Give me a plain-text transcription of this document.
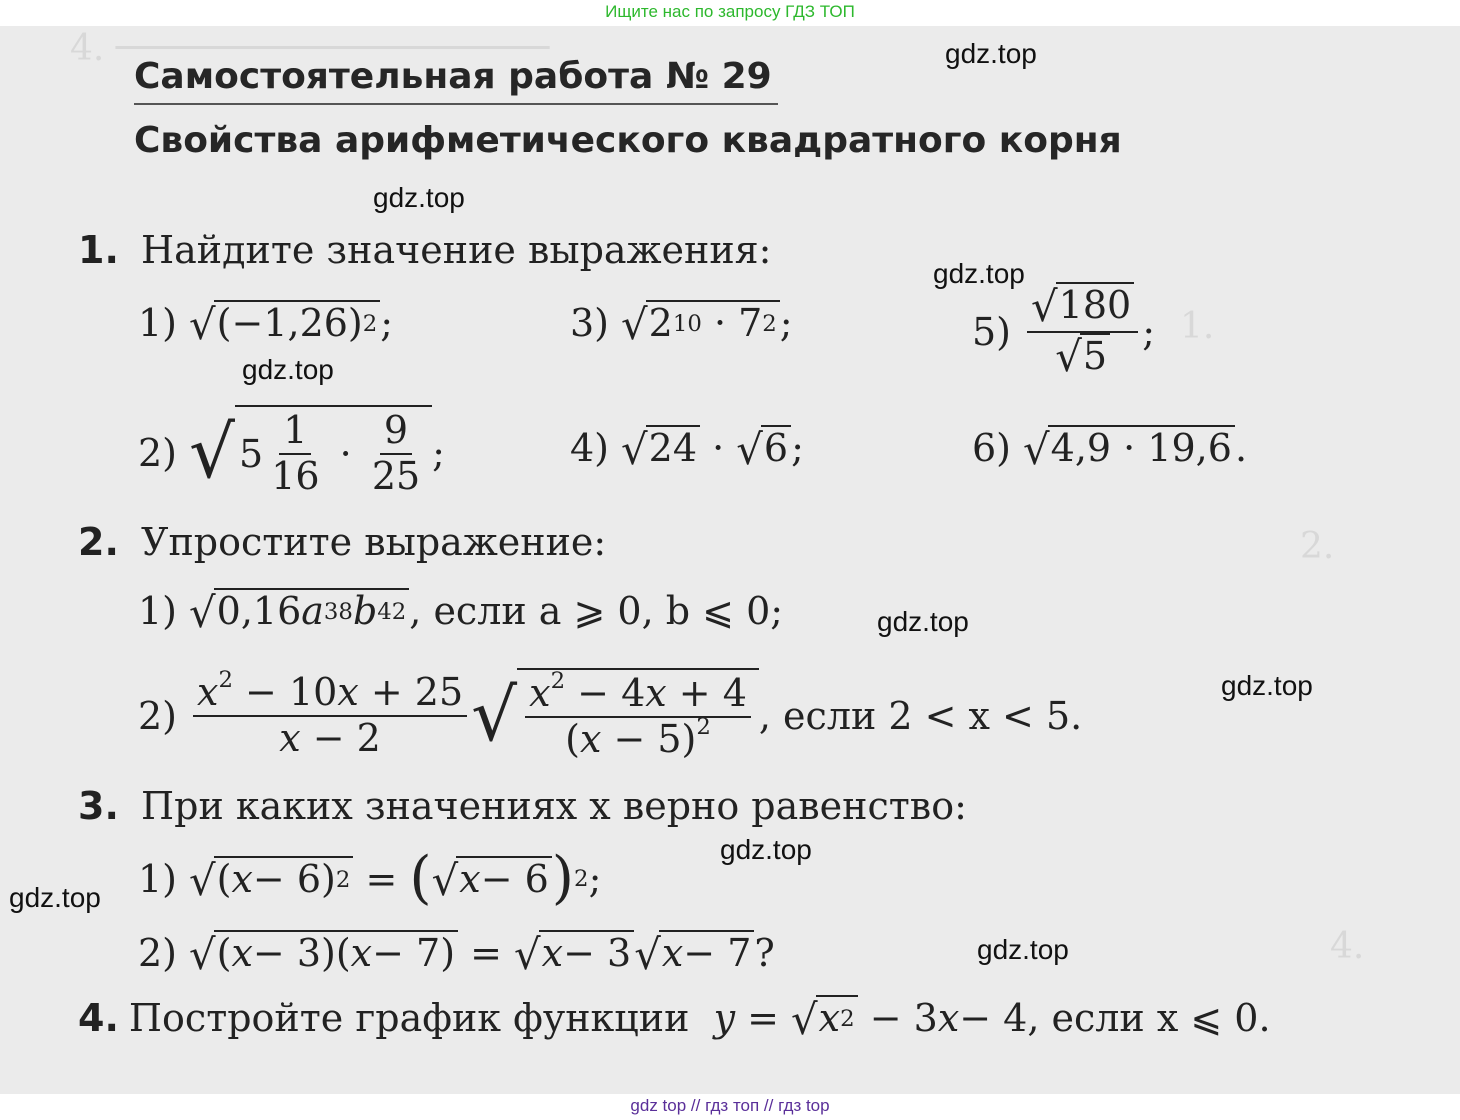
Ищите нас по запросу ГДЗ ТОП
4. ────────────────────
1.
2.
4.
Самостоятельная работа № 29
Свойства арифметического квадратного корня
1. Найдите значение выражения:
1) √ (−1,26) 2 ;	3) √ 2 10 · 7 2 ;	$5) \frac{√ 180}{√ 5}$ ;
2) √ $5 \frac{1}{16} \cdot \frac{9}{25}$ ;	4) √ 24 · √ 6 ;	6) √ 4,9 · 19,6 .
2. Упростите выражение:
1) √ 0,16 a 38 b 42 , если a ⩾ 0, b ⩽ 0;
$2) \frac{x^2 - 10x + 25}{x - 2}$ √ $\frac{x^2 - 4x + 4}{(x - 5)^2}$ , если 2 < x < 5.
3. При каких значениях x верно равенство:
1) √ ( x − 6) 2 = ( √ x − 6 ) 2 ;
2) √ ( x − 3)( x − 7) = √ x − 3 √ x − 7 ?
4. Постройте график функции
y = √ x 2 − 3 x − 4 , если x ⩽ 0.
gdz.top
gdz.top
gdz.top
gdz.top
gdz.top
gdz.top
gdz.top
gdz.top
gdz.top
gdz top // гдз топ // гдз top
